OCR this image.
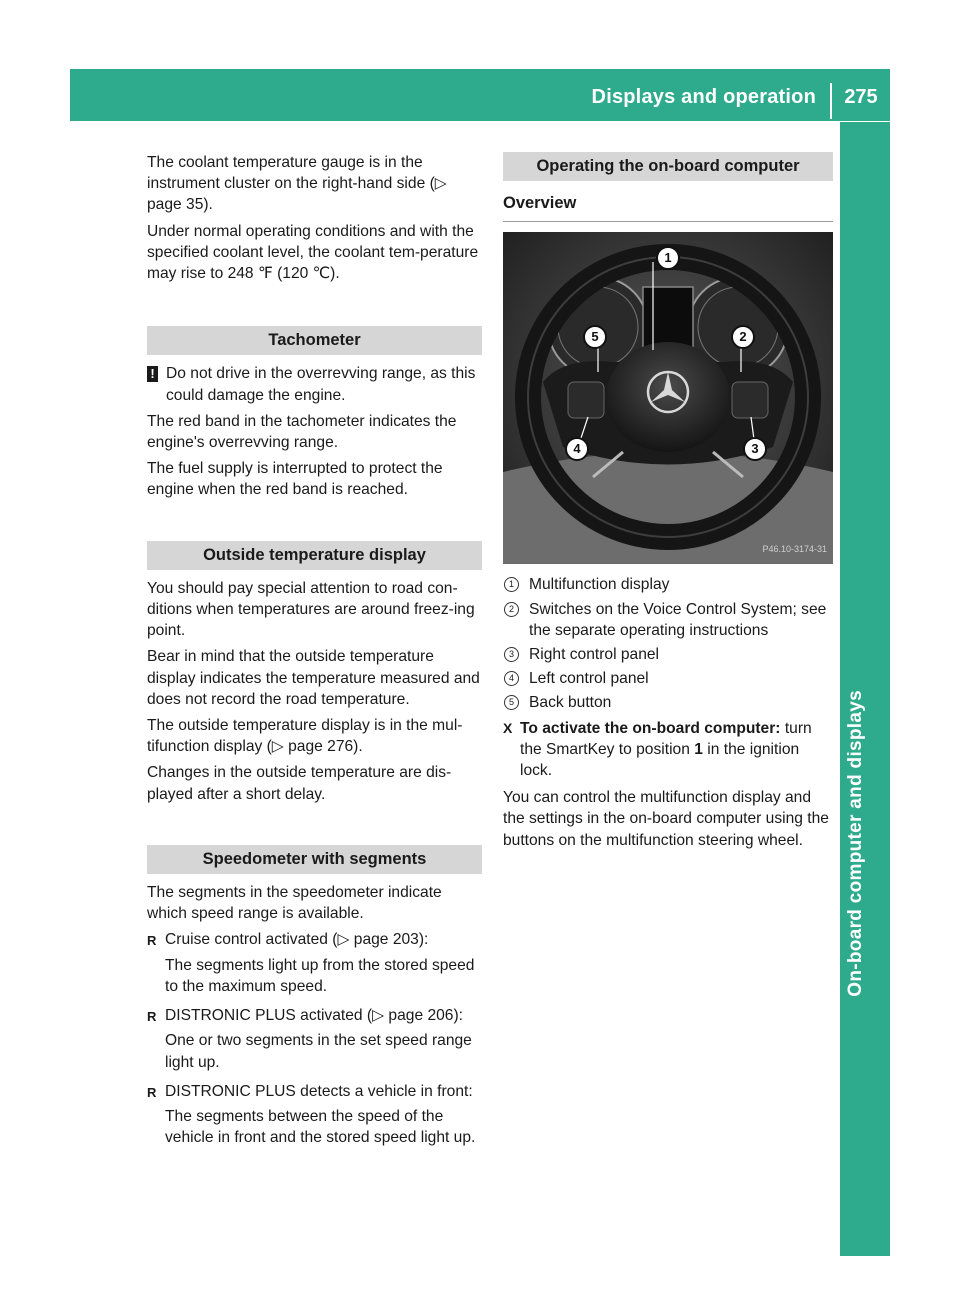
Displays and operation	275
On-board computer and displays

The coolant temperature gauge is in the instrument cluster on the right-hand side (▷ page 35).

Under normal operating conditions and with the specified coolant level, the coolant tem-perature may rise to 248 ℉ (120 ℃).

Tachometer
! Do not drive in the overrevving range, as this could damage the engine.

The red band in the tachometer indicates the engine's overrevving range.

The fuel supply is interrupted to protect the engine when the red band is reached.

Outside temperature display

You should pay special attention to road con-ditions when temperatures are around freez-ing point.

Bear in mind that the outside temperature display indicates the temperature measured and does not record the road temperature.

The outside temperature display is in the mul-tifunction display (▷ page 276).

Changes in the outside temperature are dis-played after a short delay.

Speedometer with segments

The segments in the speedometer indicate which speed range is available.

R Cruise control activated (▷ page 203):

The segments light up from the stored speed to the maximum speed.

R DISTRONIC PLUS activated (▷ page 206):

One or two segments in the set speed range light up.

R DISTRONIC PLUS detects a vehicle in front:

The segments between the speed of the vehicle in front and the stored speed light up.

Operating the on-board computer
Overview
1
2
3
4
5
P46.10-3174-31
1 Multifunction display
2 Switches on the Voice Control System; see the separate operating instructions
3 Right control panel
4 Left control panel
5 Back button
X To activate the on-board computer: turn the SmartKey to position 1 in the ignition lock.

You can control the multifunction display and the settings in the on-board computer using the buttons on the multifunction steering wheel.
